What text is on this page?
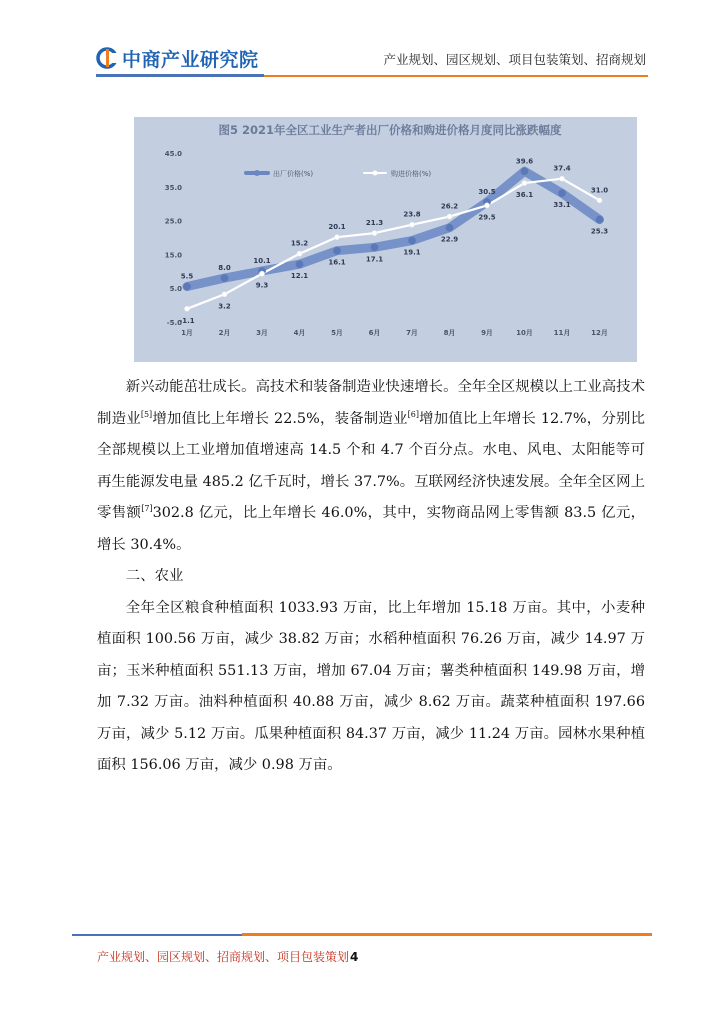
中商产业研究院	产业规划、园区规划、项目包装策划、招商规划
图5 2021年全区工业生产者出厂价格和购进价格月度同比涨跌幅度
出厂价格(%)	购进价格(%)
45.0
35.0
25.0
15.0
5.0
-5.0
1月	2月	3月	4月	5月	6月	7月	8月	9月	10月	11月	12月
5.5
8.0
10.1
12.1
16.1	17.1
19.1
22.9
30.5
39.6
33.1
25.3
-1.1
3.2
9.3
15.2
20.1
21.3
23.8
26.2
29.5
36.1
37.4
31.0

新兴动能茁壮成长。高技术和装备制造业快速增长。全年全区规模以上工业高技术制造业[5]增加值比上年增长 22.5%，装备制造业[6]增加值比上年增长 12.7%，分别比全部规模以上工业增加值增速高 14.5 个和 4.7 个百分点。水电、风电、太阳能等可再生能源发电量 485.2 亿千瓦时，增长 37.7%。互联网经济快速发展。全年全区网上零售额[7]302.8 亿元，比上年增长 46.0%，其中，实物商品网上零售额 83.5 亿元，增长 30.4%。

二、农业

全年全区粮食种植面积 1033.93 万亩，比上年增加 15.18 万亩。其中，小麦种植面积 100.56 万亩，减少 38.82 万亩；水稻种植面积 76.26 万亩，减少 14.97 万亩；玉米种植面积 551.13 万亩，增加 67.04 万亩；薯类种植面积 149.98 万亩，增加 7.32 万亩。油料种植面积 40.88 万亩，减少 8.62 万亩。蔬菜种植面积 197.66 万亩，减少 5.12 万亩。瓜果种植面积 84.37 万亩，减少 11.24 万亩。园林水果种植面积 156.06 万亩，减少 0.98 万亩。

产业规划、园区规划、招商规划、项目包装策划4
